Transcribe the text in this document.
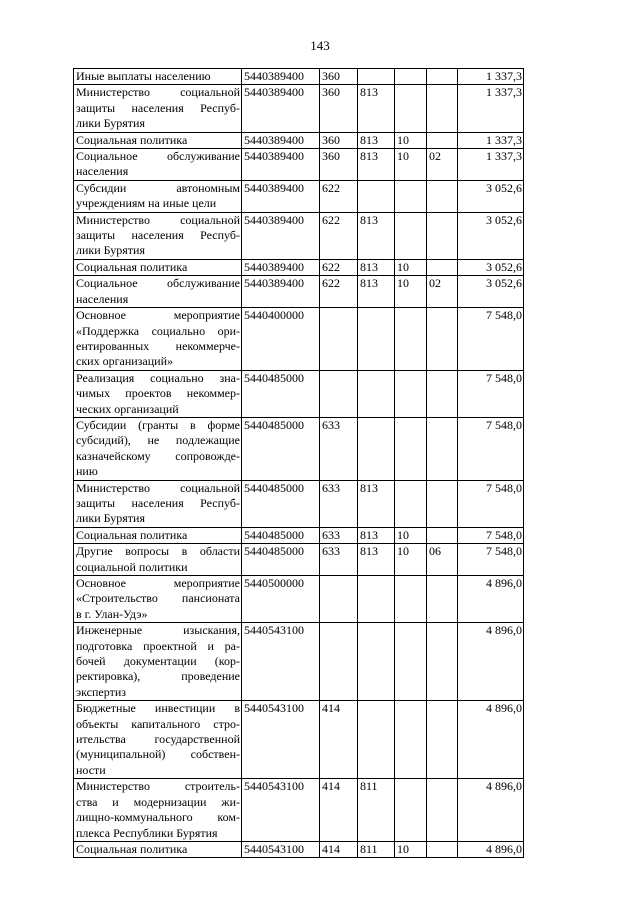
143
Иные выплаты населению	5440389400	360				1 337,3

Министерство социальной
защиты населения Респуб-
лики Бурятия	5440389400	360	813			1 337,3

Социальная политика	5440389400	360	813	10		1 337,3

Социальное обслуживание
населения	5440389400	360	813	10	02	1 337,3

Субсидии автономным
учреждениям на иные цели	5440389400	622				3 052,6

Министерство социальной
защиты населения Респуб-
лики Бурятия	5440389400	622	813			3 052,6

Социальная политика	5440389400	622	813	10		3 052,6

Социальное обслуживание
населения	5440389400	622	813	10	02	3 052,6

Основное мероприятие
«Поддержка социально ори-
ентированных некоммерче-
ских организаций»	5440400000					7 548,0

Реализация социально зна-
чимых проектов некоммер-
ческих организаций	5440485000					7 548,0

Субсидии (гранты в форме
субсидий), не подлежащие
казначейскому сопровожде-
нию	5440485000	633				7 548,0

Министерство социальной
защиты населения Респуб-
лики Бурятия	5440485000	633	813			7 548,0

Социальная политика	5440485000	633	813	10		7 548,0

Другие вопросы в области
социальной политики	5440485000	633	813	10	06	7 548,0

Основное мероприятие
«Строительство пансионата
в г. Улан-Удэ»	5440500000					4 896,0

Инженерные изыскания,
подготовка проектной и ра-
бочей документации (кор-
ректировка), проведение
экспертиз	5440543100					4 896,0

Бюджетные инвестиции в
объекты капитального стро-
ительства государственной
(муниципальной) собствен-
ности	5440543100	414				4 896,0

Министерство строитель-
ства и модернизации жи-
лищно-коммунального ком-
плекса Республики Бурятия	5440543100	414	811			4 896,0

Социальная политика	5440543100	414	811	10		4 896,0
